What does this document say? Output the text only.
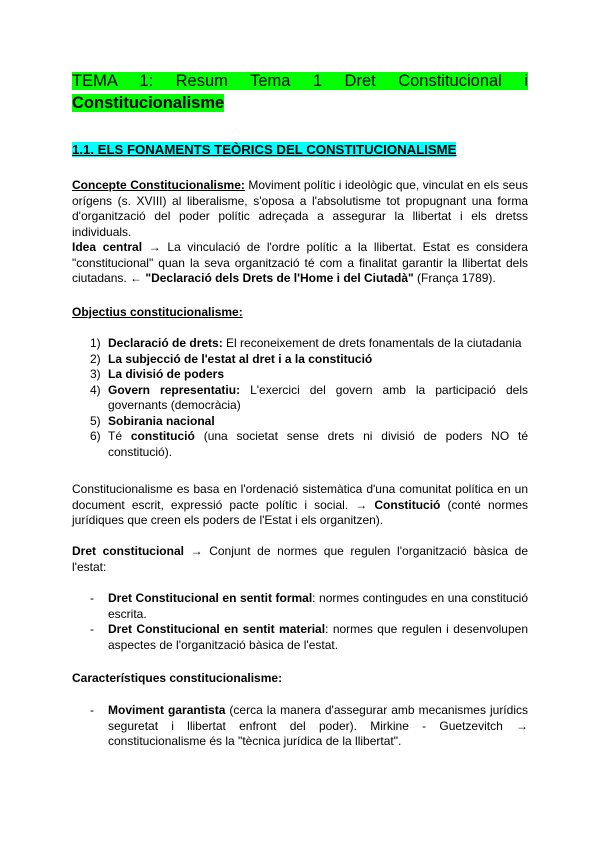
TEMA 1: Resum Tema 1 Dret Constitucional i
Constitucionalisme
1.1. ELS FONAMENTS TEÒRICS DEL CONSTITUCIONALISME

Concepte Constitucionalisme: Moviment polític i ideològic que, vinculat en els seus orígens (s. XVIII) al liberalisme, s'oposa a l'absolutisme tot propugnant una forma d'organització del poder polític adreçada a assegurar la llibertat i els dretss individuals.

Idea central → La vinculació de l'ordre polític a la llibertat. Estat es considera "constitucional" quan la seva organització té com a finalitat garantir la llibertat dels ciutadans. ← "Declaració dels Drets de l'Home i del Ciutadà" (França 1789).

Objectius constitucionalisme:

1) Declaració de drets: El reconeixement de drets fonamentals de la ciutadania
2) La subjecció de l'estat al dret i a la constitució
3) La divisió de poders
4) Govern representatiu: L'exercici del govern amb la participació dels governants (democràcia)
5) Sobirania nacional
6) Té constitució (una societat sense drets ni divisió de poders NO té constitució).

Constitucionalisme es basa en l'ordenació sistemàtica d'una comunitat política en un document escrit, expressió pacte polític i social. → Constitució (conté normes jurídiques que creen els poders de l'Estat i els organitzen).

Dret constitucional → Conjunt de normes que regulen l'organització bàsica de l'estat:

- Dret Constitucional en sentit formal: normes contingudes en una constitució escrita.
- Dret Constitucional en sentit material: normes que regulen i desenvolupen aspectes de l'organització bàsica de l'estat.

Característiques constitucionalisme:

- Moviment garantista (cerca la manera d'assegurar amb mecanismes jurídics seguretat i llibertat enfront del poder). Mirkine - Guetzevitch → constitucionalisme és la "tècnica jurídica de la llibertat".
